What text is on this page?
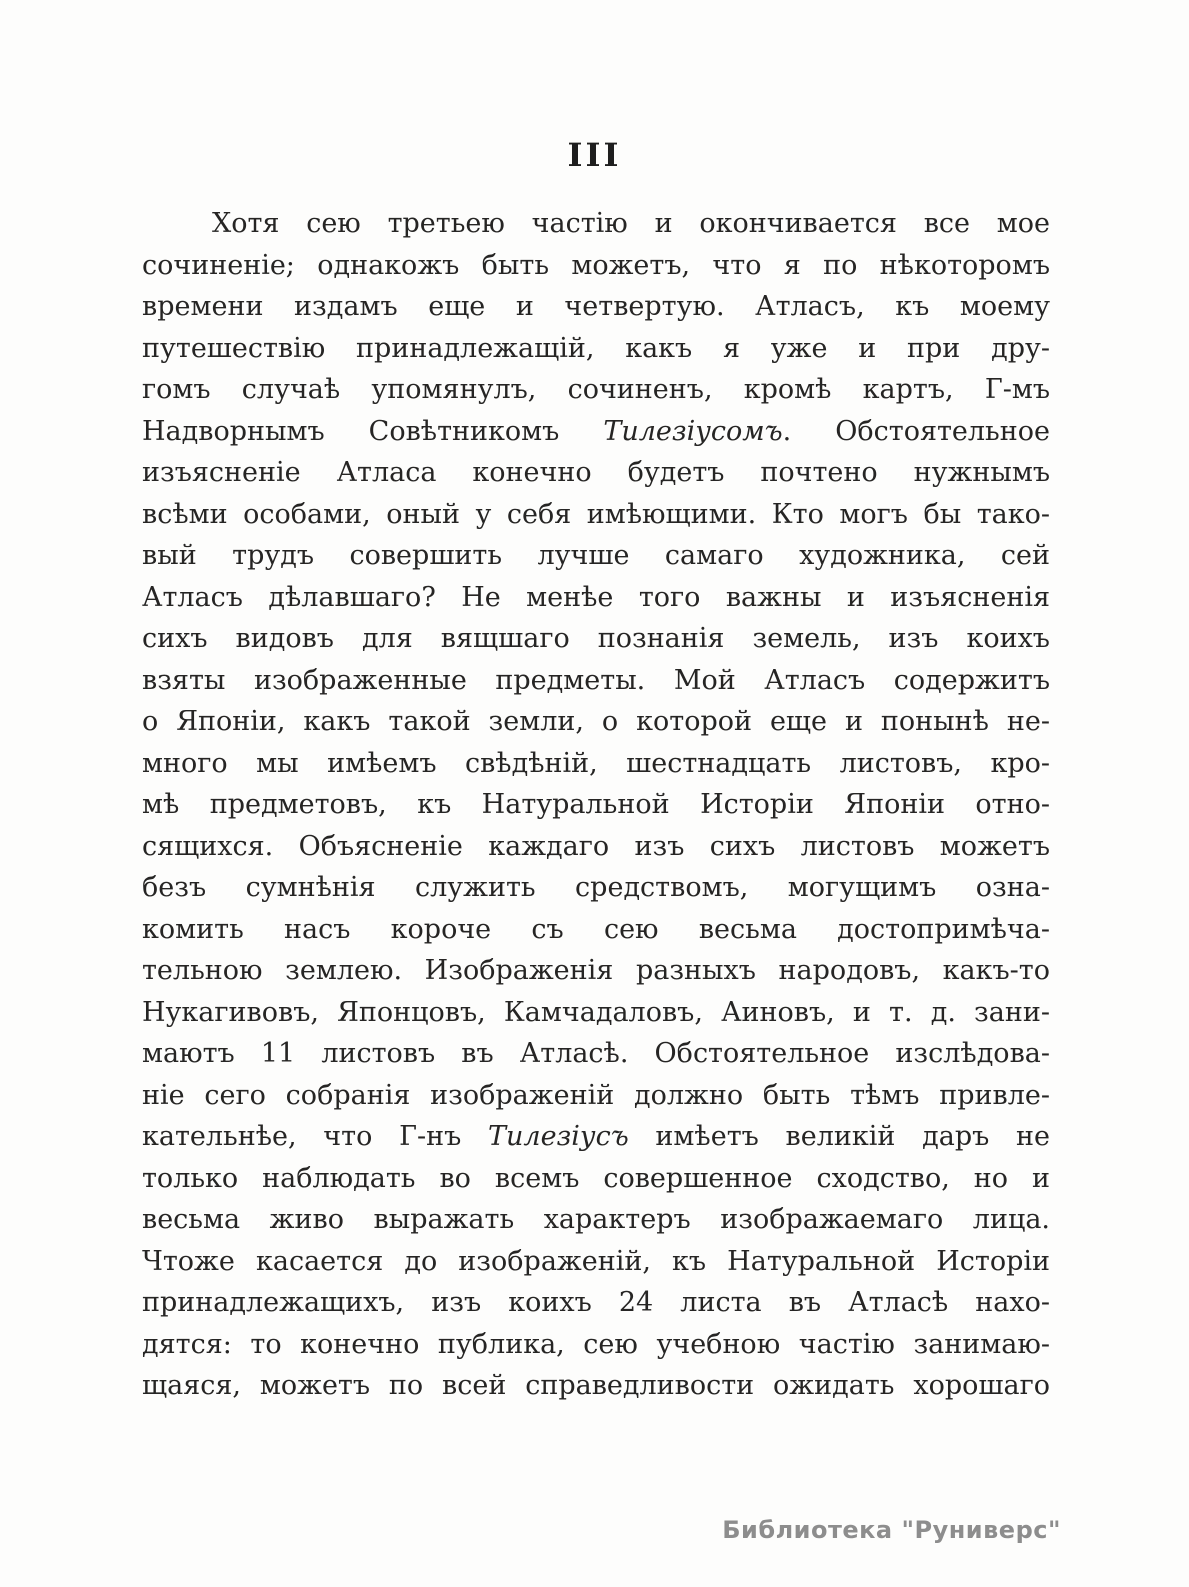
III
Хотя сею третьею частію и окончивается все мое
сочиненіе; однакожъ быть можетъ, что я по нѣкоторомъ
времени издамъ еще и четвертую. Атласъ, къ моему
путешествію принадлежащій, какъ я уже и при дру-
гомъ случаѣ упомянулъ, сочиненъ, кромѣ картъ, Г-мъ
Надворнымъ Совѣтникомъ Тилезіусомъ. Обстоятельное
изъясненіе Атласа конечно будетъ почтено нужнымъ
всѣми особами, оный у себя имѣющими. Кто могъ бы тако-
вый трудъ совершить лучше самаго художника, сей
Атласъ дѣлавшаго? Не менѣе того важны и изъясненія
сихъ видовъ для вящшаго познанія земель, изъ коихъ
взяты изображенные предметы. Мой Атласъ содержитъ
о Японіи, какъ такой земли, о которой еще и понынѣ не-
много мы имѣемъ свѣдѣній, шестнадцать листовъ, кро-
мѣ предметовъ, къ Натуральной Исторіи Японіи отно-
сящихся. Объясненіе каждаго изъ сихъ листовъ можетъ
безъ сумнѣнія служить средствомъ, могущимъ озна-
комить насъ короче съ сею весьма достопримѣча-
тельною землею. Изображенія разныхъ народовъ, какъ-то
Нукагивовъ, Японцовъ, Камчадаловъ, Аиновъ, и т. д. зани-
маютъ 11 листовъ въ Атласѣ. Обстоятельное изслѣдова-
ніе сего собранія изображеній должно быть тѣмъ привле-
кательнѣе, что Г-нъ Тилезіусъ имѣетъ великій даръ не
только наблюдать во всемъ совершенное сходство, но и
весьма живо выражать характеръ изображаемаго лица.
Чтоже касается до изображеній, къ Натуральной Исторіи
принадлежащихъ, изъ коихъ 24 листа въ Атласѣ нахо-
дятся: то конечно публика, сею учебною частію занимаю-
щаяся, можетъ по всей справедливости ожидать хорошаго
Библиотека "Руниверс"
